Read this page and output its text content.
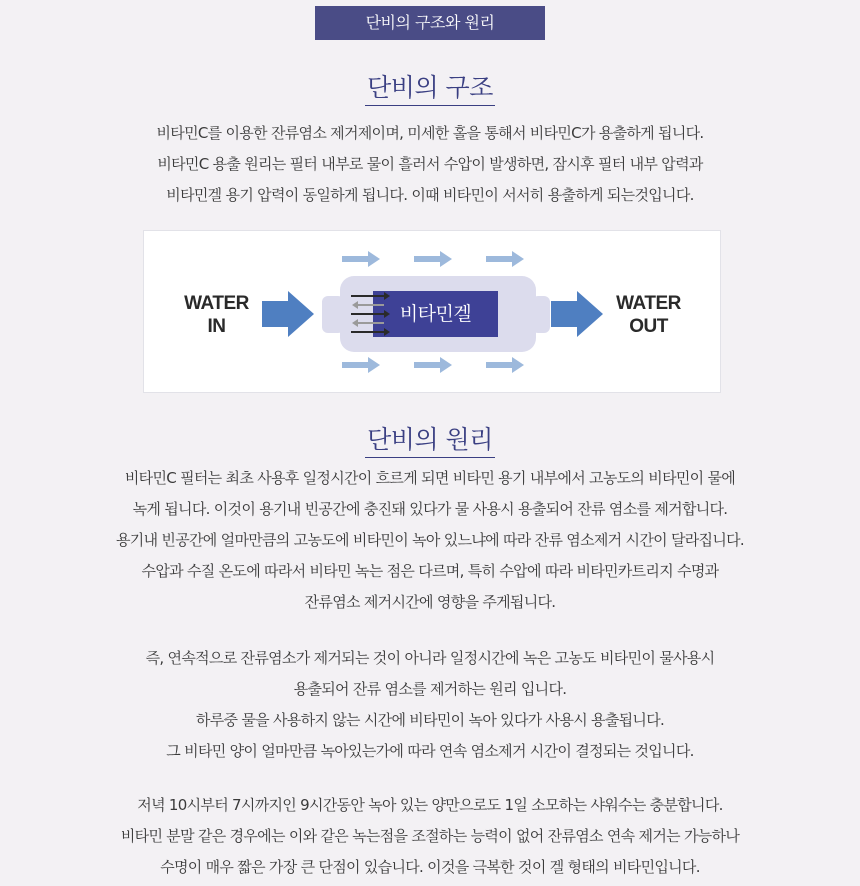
단비의 구조와 원리
단비의 구조
비타민C를 이용한 잔류염소 제거제이며, 미세한 홀을 통해서 비타민C가 용출하게 됩니다.
비타민C 용출 원리는 필터 내부로 물이 흘러서 수압이 발생하면, 잠시후 필터 내부 압력과
비타민겔 용기 압력이 동일하게 됩니다. 이때 비타민이 서서히 용출하게 되는것입니다.
WATER
IN
비타민겔	WATER
OUT
단비의 원리
비타민C 필터는 최초 사용후 일정시간이 흐르게 되면 비타민 용기 내부에서 고농도의 비타민이 물에
녹게 됩니다. 이것이 용기내 빈공간에 충진돼 있다가 물 사용시 용출되어 잔류 염소를 제거합니다.
용기내 빈공간에 얼마만큼의 고농도에 비타민이 녹아 있느냐에 따라 잔류 염소제거 시간이 달라집니다.
수압과 수질 온도에 따라서 비타민 녹는 점은 다르며, 특히 수압에 따라 비타민카트리지 수명과
잔류염소 제거시간에 영향을 주게됩니다.
즉, 연속적으로 잔류염소가 제거되는 것이 아니라 일정시간에 녹은 고농도 비타민이 물사용시
용출되어 잔류 염소를 제거하는 원리 입니다.
하루중 물을 사용하지 않는 시간에 비타민이 녹아 있다가 사용시 용출됩니다.
그 비타민 양이 얼마만큼 녹아있는가에 따라 연속 염소제거 시간이 결정되는 것입니다.
저녁 10시부터 7시까지인 9시간동안 녹아 있는 양만으로도 1일 소모하는 샤워수는 충분합니다.
비타민 분말 같은 경우에는 이와 같은 녹는점을 조절하는 능력이 없어 잔류염소 연속 제거는 가능하나
수명이 매우 짧은 가장 큰 단점이 있습니다. 이것을 극복한 것이 겔 형태의 비타민입니다.
